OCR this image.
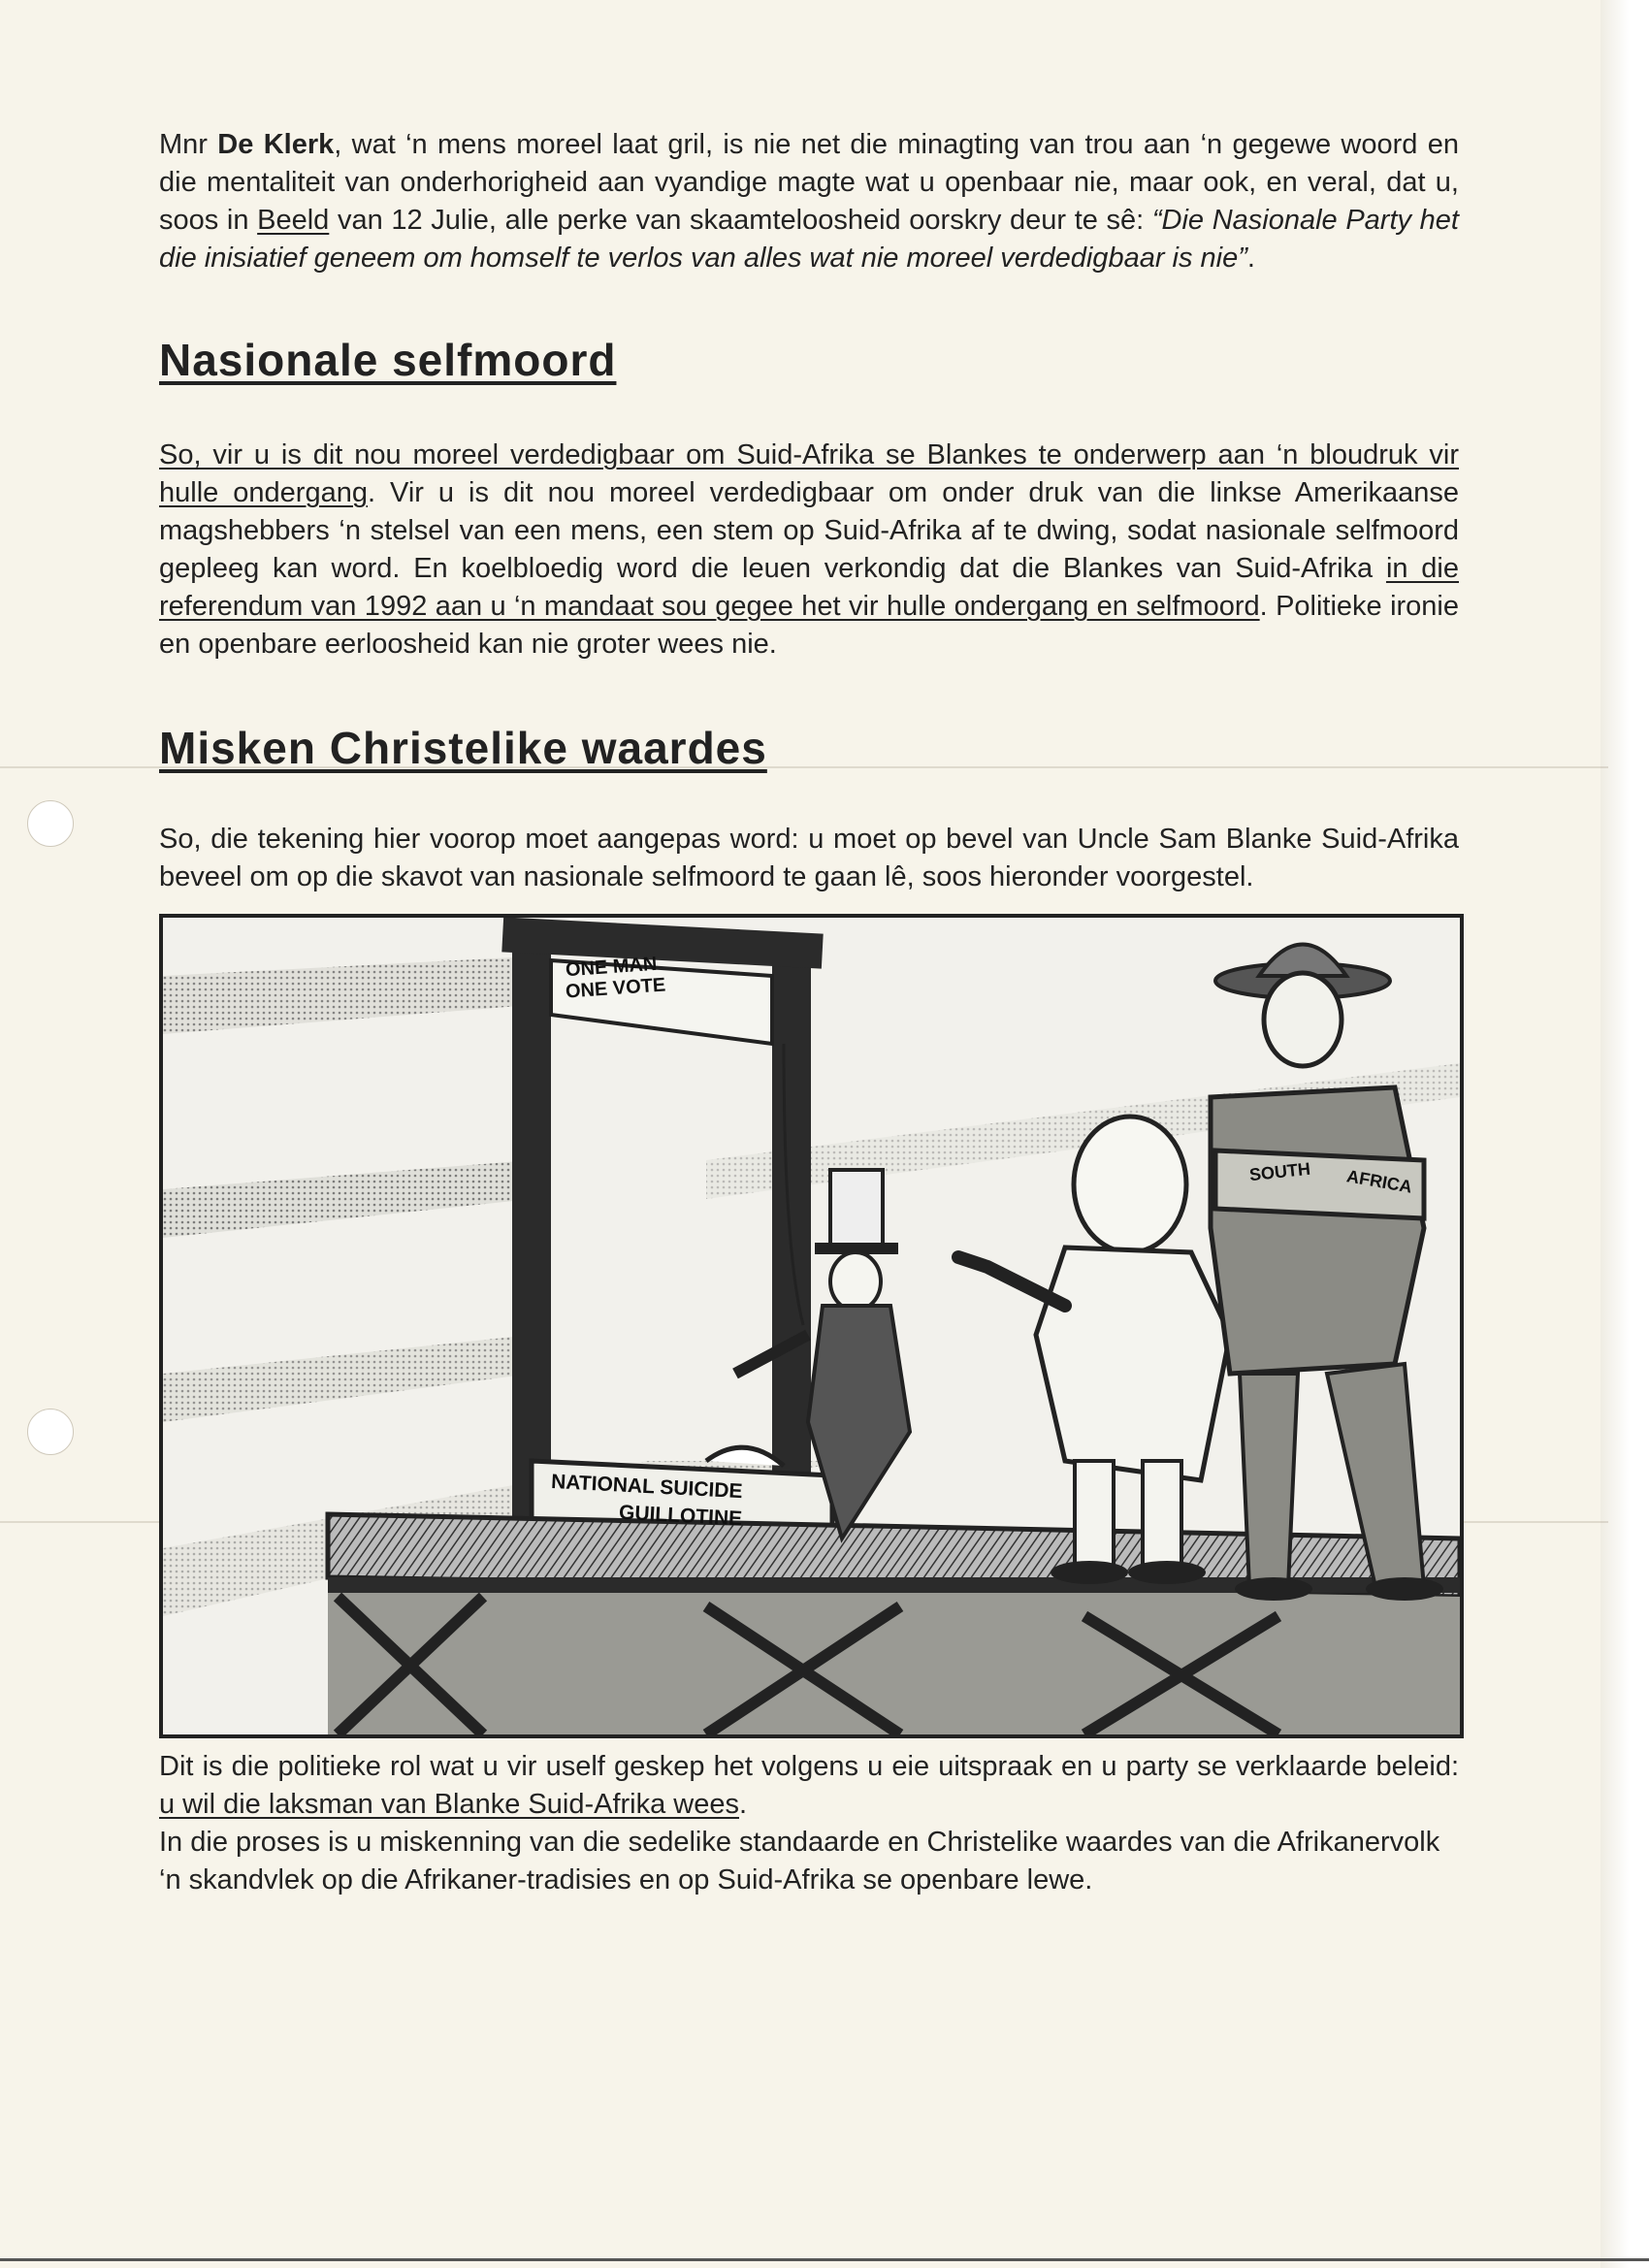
Mnr De Klerk, wat ‘n mens moreel laat gril, is nie net die minagting van trou aan ‘n gegewe woord en die mentaliteit van onderhorigheid aan vyandige magte wat u openbaar nie, maar ook, en veral, dat u, soos in Beeld van 12 Julie, alle perke van skaamteloosheid oorskry deur te sê: “Die Nasionale Party het die inisiatief geneem om homself te verlos van alles wat nie moreel verdedigbaar is nie”.

Nasionale selfmoord

So, vir u is dit nou moreel verdedigbaar om Suid-Afrika se Blankes te onderwerp aan ‘n bloudruk vir hulle ondergang. Vir u is dit nou moreel verdedigbaar om onder druk van die linkse Amerikaanse magshebbers ‘n stelsel van een mens, een stem op Suid-Afrika af te dwing, sodat nasionale selfmoord gepleeg kan word. En koelbloedig word die leuen verkondig dat die Blankes van Suid-Afrika in die referendum van 1992 aan u ‘n mandaat sou gegee het vir hulle ondergang en selfmoord. Politieke ironie en openbare eerloosheid kan nie groter wees nie.

Misken Christelike waardes

So, die tekening hier voorop moet aangepas word: u moet op bevel van Uncle Sam Blanke Suid-Afrika beveel om op die skavot van nasionale selfmoord te gaan lê, soos hieronder voorgestel.

ONE MAN
ONE VOTE
NATIONAL SUICIDE
GUILLOTINE
SOUTH AFRICA

Dit is die politieke rol wat u vir uself geskep het volgens u eie uitspraak en u party se verklaarde beleid: u wil die laksman van Blanke Suid-Afrika wees.

In die proses is u miskenning van die sedelike standaarde en Christelike waardes van die Afrikanervolk ‘n skandvlek op die Afrikaner-tradisies en op Suid-Afrika se openbare lewe.
